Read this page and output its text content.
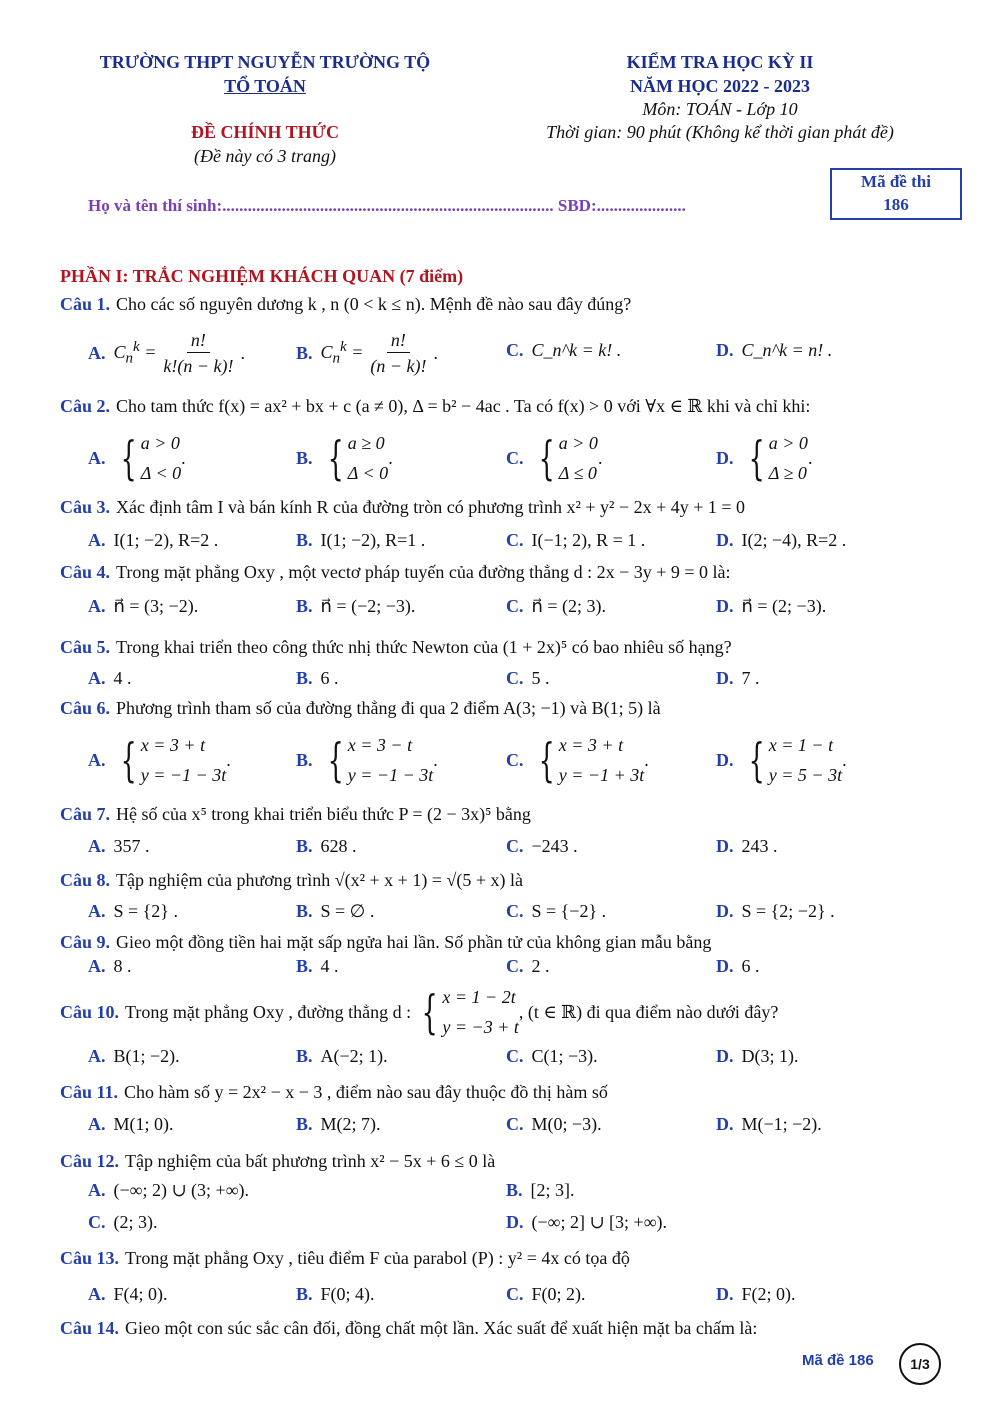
TRƯỜNG THPT NGUYỄN TRƯỜNG TỘ
TỔ TOÁN
ĐỀ CHÍNH THỨC
(Đề này có 3 trang)
KIỂM TRA HỌC KỲ II
NĂM HỌC 2022 - 2023
Môn: TOÁN - Lớp 10
Thời gian: 90 phút (Không kể thời gian phát đề)
Mã đề thi
186
Họ và tên thí sinh:.............................................................................. SBD:.....................
PHẦN I: TRẮC NGHIỆM KHÁCH QUAN (7 điểm)
Câu 1. Cho các số nguyên dương k , n (0 < k ≤ n). Mệnh đề nào sau đây đúng?
A. $C_n^k = \frac{n!}{k!(n - k)!}$ .	B. $C_n^k = \frac{n!}{(n - k)!}$ .	C. C_n^k = k! .	D. C_n^k = n! .
Câu 2. Cho tam thức f(x) = ax² + bx + c (a ≠ 0), Δ = b² − 4ac . Ta có f(x) > 0 với ∀x ∈ ℝ khi và chỉ khi:
A. { a > 0
Δ < 0
.	B. { a ≥ 0
Δ < 0
.	C. { a > 0
Δ ≤ 0
.	D. { a > 0
Δ ≥ 0
.
Câu 3. Xác định tâm I và bán kính R của đường tròn có phương trình x² + y² − 2x + 4y + 1 = 0
A. I(1; −2), R=2 .	B. I(1; −2), R=1 .	C. I(−1; 2), R = 1 .	D. I(2; −4), R=2 .
Câu 4. Trong mặt phẳng Oxy , một vectơ pháp tuyến của đường thẳng d : 2x − 3y + 9 = 0 là:
A. n⃗ = (3; −2).	B. n⃗ = (−2; −3).	C. n⃗ = (2; 3).	D. n⃗ = (2; −3).
Câu 5. Trong khai triển theo công thức nhị thức Newton của (1 + 2x)⁵ có bao nhiêu số hạng?
A. 4 .	B. 6 .	C. 5 .	D. 7 .
Câu 6. Phương trình tham số của đường thẳng đi qua 2 điểm A(3; −1) và B(1; 5) là
A. { x = 3 + t
y = −1 − 3t
.	B. { x = 3 − t
y = −1 − 3t
.	C. { x = 3 + t
y = −1 + 3t
.	D. { x = 1 − t
y = 5 − 3t
.
Câu 7. Hệ số của x⁵ trong khai triển biểu thức P = (2 − 3x)⁵ bằng
A. 357 .	B. 628 .	C. −243 .	D. 243 .
Câu 8. Tập nghiệm của phương trình √(x² + x + 1) = √(5 + x) là
A. S = {2} .	B. S = ∅ .	C. S = {−2} .	D. S = {2; −2} .
Câu 9. Gieo một đồng tiền hai mặt sấp ngửa hai lần. Số phần tử của không gian mẫu bằng
A. 8 .	B. 4 .	C. 2 .	D. 6 .
Câu 10. Trong mặt phẳng Oxy , đường thẳng d : { x = 1 − 2t
y = −3 + t
, (t ∈ ℝ) đi qua điểm nào dưới đây?
A. B(1; −2).	B. A(−2; 1).	C. C(1; −3).	D. D(3; 1).
Câu 11. Cho hàm số y = 2x² − x − 3 , điểm nào sau đây thuộc đồ thị hàm số
A. M(1; 0).	B. M(2; 7).	C. M(0; −3).	D. M(−1; −2).
Câu 12. Tập nghiệm của bất phương trình x² − 5x + 6 ≤ 0 là
A. (−∞; 2) ∪ (3; +∞).	B. [2; 3].
C. (2; 3).	D. (−∞; 2] ∪ [3; +∞).
Câu 13. Trong mặt phẳng Oxy , tiêu điểm F của parabol (P) : y² = 4x có tọa độ
A. F(4; 0).	B. F(0; 4).	C. F(0; 2).	D. F(2; 0).
Câu 14. Gieo một con súc sắc cân đối, đồng chất một lần. Xác suất để xuất hiện mặt ba chấm là:
Mã đề 186	1/3
